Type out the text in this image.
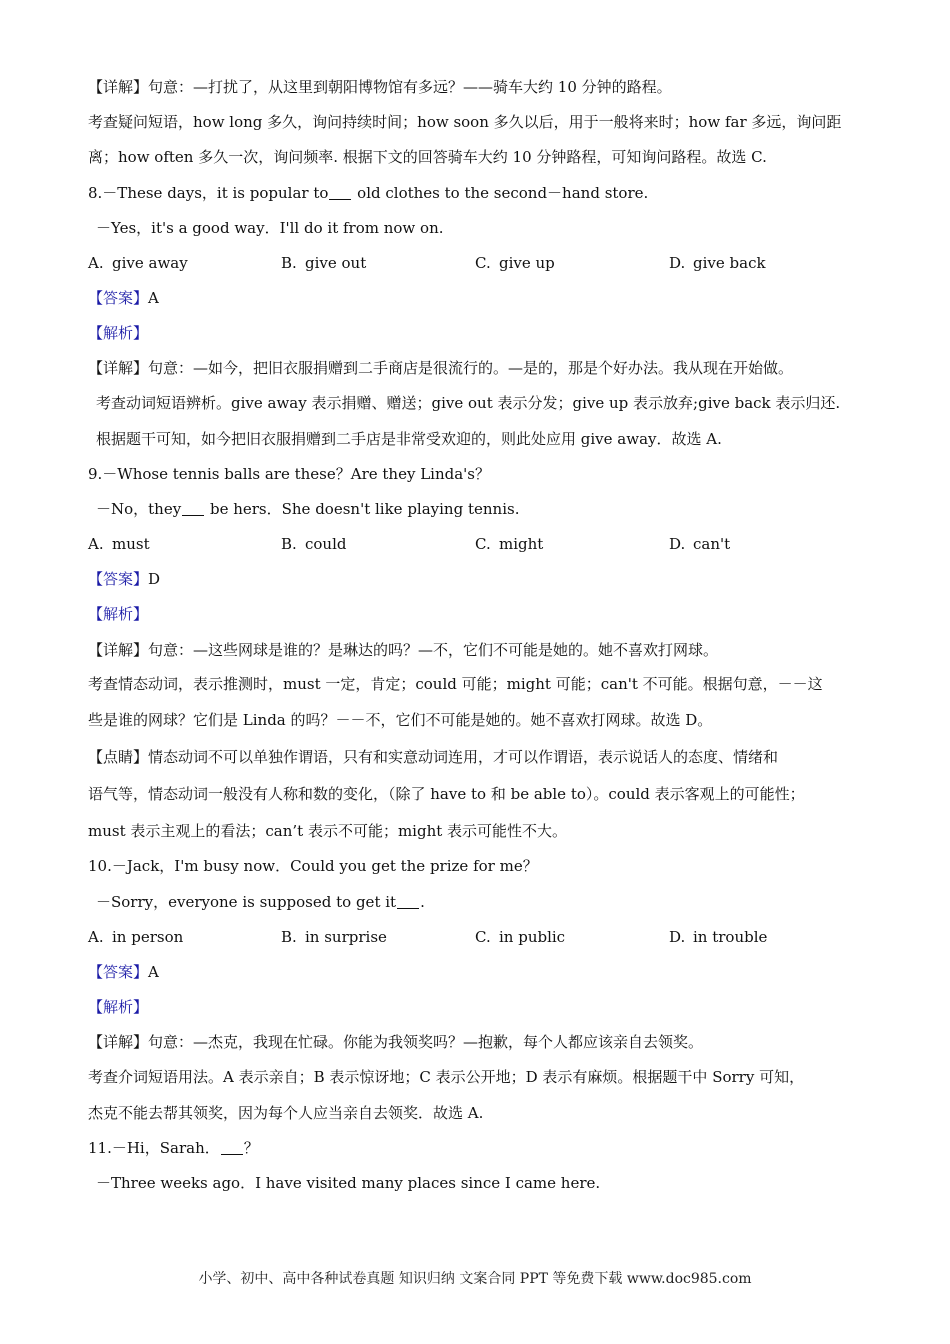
【详解】句意：—打扰了，从这里到朝阳博物馆有多远？——骑车大约 10 分钟的路程。
考查疑问短语，how long 多久，询问持续时间；how soon 多久以后，用于一般将来时；how far 多远，询问距
离；how often 多久一次，询问频率. 根据下文的回答骑车大约 10 分钟路程，可知询问路程。故选 C.
8.－These days，it is popular to old clothes to the second－hand store.
－Yes，it's a good way．I'll do it from now on.
A. give away	B. give out	C. give up	D. give back
【答案】A
【解析】
【详解】句意：—如今，把旧衣服捐赠到二手商店是很流行的。—是的，那是个好办法。我从现在开始做。
考查动词短语辨析。give away 表示捐赠、赠送；give out 表示分发；give up 表示放弃;give back 表示归还.
根据题干可知，如今把旧衣服捐赠到二手店是非常受欢迎的，则此处应用 give away．故选 A.
9.－Whose tennis balls are these？Are they Linda's？
－No，they be hers．She doesn't like playing tennis.
A. must	B. could	C. might	D. can't
【答案】D
【解析】
【详解】句意：—这些网球是谁的？是琳达的吗？—不，它们不可能是她的。她不喜欢打网球。
考查情态动词，表示推测时，must 一定，肯定；could 可能；might 可能；can't 不可能。根据句意，－－这
些是谁的网球？它们是 Linda 的吗？－－不，它们不可能是她的。她不喜欢打网球。故选 D。
【点睛】情态动词不可以单独作谓语，只有和实意动词连用，才可以作谓语，表示说话人的态度、情绪和
语气等，情态动词一般没有人称和数的变化，（除了 have to 和 be able to）。could 表示客观上的可能性；
must 表示主观上的看法；can’t 表示不可能；might 表示可能性不大。
10.－Jack，I'm busy now．Could you get the prize for me？
－Sorry，everyone is supposed to get it .
A. in person	B. in surprise	C. in public	D. in trouble
【答案】A
【解析】
【详解】句意：—杰克，我现在忙碌。你能为我领奖吗？—抱歉，每个人都应该亲自去领奖。
考查介词短语用法。A 表示亲自；B 表示惊讶地；C 表示公开地；D 表示有麻烦。根据题干中 Sorry 可知，
杰克不能去帮其领奖，因为每个人应当亲自去领奖．故选 A.
11.－Hi，Sarah． ？
－Three weeks ago．I have visited many places since I came here.
小学、初中、高中各种试卷真题 知识归纳 文案合同 PPT 等免费下载 www.doc985.com
